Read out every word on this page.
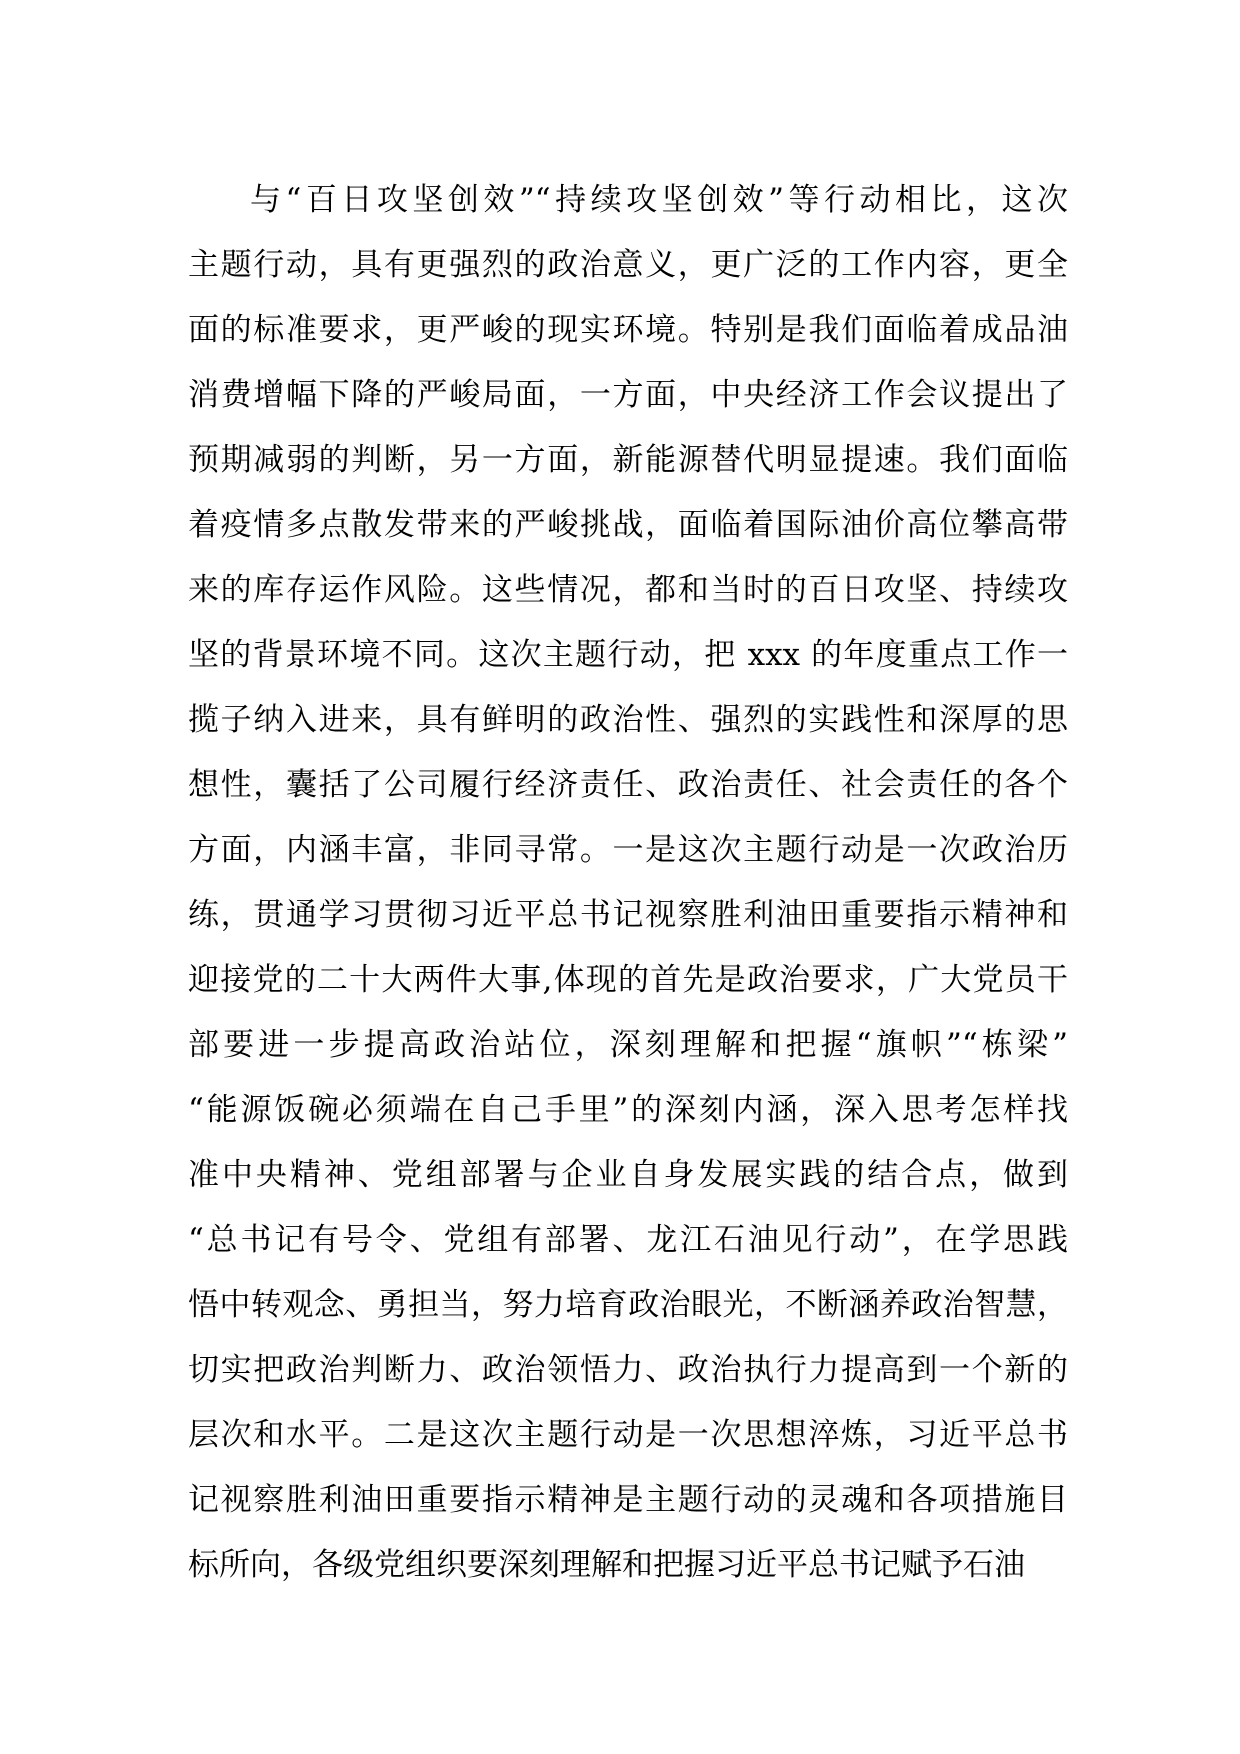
与“百日攻坚创效”“持续攻坚创效”等行动相比，这次
主题行动，具有更强烈的政治意义，更广泛的工作内容，更全
面的标准要求，更严峻的现实环境。特别是我们面临着成品油
消费增幅下降的严峻局面，一方面，中央经济工作会议提出了
预期减弱的判断，另一方面，新能源替代明显提速。我们面临
着疫情多点散发带来的严峻挑战，面临着国际油价高位攀高带
来的库存运作风险。这些情况，都和当时的百日攻坚、持续攻
坚的背景环境不同。这次主题行动，把 xxx 的年度重点工作一
揽子纳入进来，具有鲜明的政治性、强烈的实践性和深厚的思
想性，囊括了公司履行经济责任、政治责任、社会责任的各个
方面，内涵丰富，非同寻常。一是这次主题行动是一次政治历
练，贯通学习贯彻习近平总书记视察胜利油田重要指示精神和
迎接党的二十大两件大事,体现的首先是政治要求，广大党员干
部要进一步提高政治站位，深刻理解和把握“旗帜”“栋梁”
“能源饭碗必须端在自己手里”的深刻内涵，深入思考怎样找
准中央精神、党组部署与企业自身发展实践的结合点，做到
“总书记有号令、党组有部署、龙江石油见行动”，在学思践
悟中转观念、勇担当，努力培育政治眼光，不断涵养政治智慧，
切实把政治判断力、政治领悟力、政治执行力提高到一个新的
层次和水平。二是这次主题行动是一次思想淬炼，习近平总书
记视察胜利油田重要指示精神是主题行动的灵魂和各项措施目
标所向，各级党组织要深刻理解和把握习近平总书记赋予石油
